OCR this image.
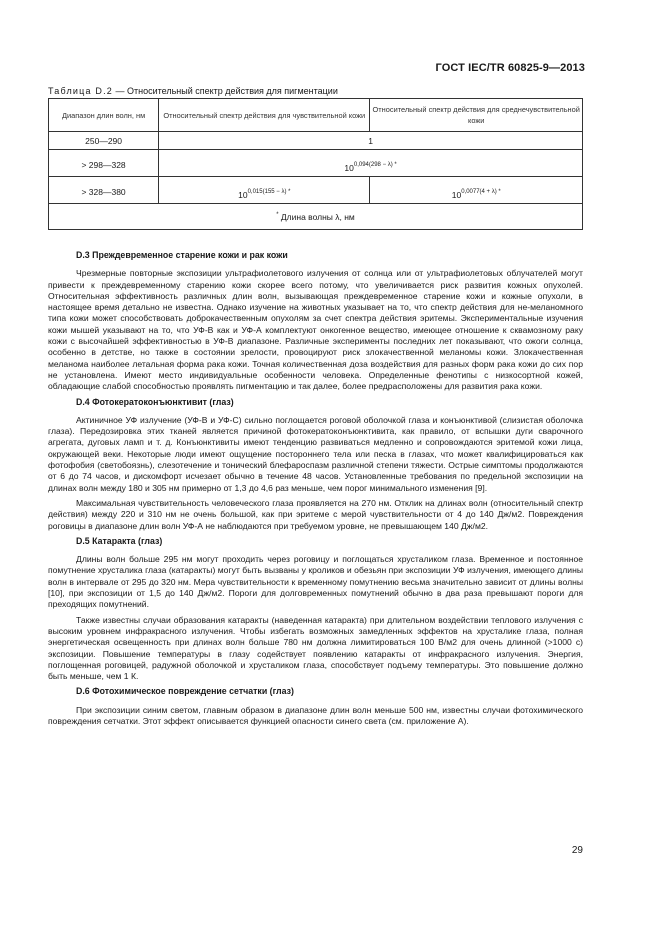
ГОСТ IEC/TR 60825-9—2013
Таблица D.2 — Относительный спектр действия для пигментации
Диапазон длин волн, нм	Относительный спектр действия для чувствительной кожи	Относительный спектр действия для среднечувствительной кожи
250—290	1	

> 298—328	$10^{0,094(298 - \lambda) *}$

> 328—380	$10^{0,015(155 - \lambda) *}$	$10^{0,0077(4 + \lambda) *}$
* Длина волны λ, нм		
D.3 Преждевременное старение кожи и рак кожи

Чрезмерные повторные экспозиции ультрафиолетового излучения от солнца или от ультрафиолетовых облучателей могут привести к преждевременному старению кожи скорее всего потому, что увеличивается риск развития кожных опухолей. Относительная эффективность различных длин волн, вызывающая преждевременное старение кожи и кожные опухоли, в настоящее время детально не известна. Однако изучение на животных указывает на то, что спектр действия для не-меланомного типа кожи может способствовать доброкачественным опухолям за счет спектра действия эритемы. Экспериментальные изучения кожи мышей указывают на то, что УФ-В как и УФ-А комплектуют онкогенное вещество, имеющее отношение к сквамозному раку кожи с высочайшей эффективностью в УФ-В диапазоне. Различные эксперименты последних лет показывают, что ожоги солнца, особенно в детстве, но также в состоянии зрелости, провоцируют риск злокачественной меланомы кожи. Злокачественная меланома наиболее летальная форма рака кожи. Точная количественная доза воздействия для разных форм рака кожи до сих пор не установлена. Имеют место индивидуальные особенности человека. Определенные фенотипы с низкосортной кожей, обладающие слабой способностью проявлять пигментацию и так далее, более предрасположены для развития рака кожи.

D.4 Фотокератоконъюнктивит (глаз)

Актиничное УФ излучение (УФ-В и УФ-С) сильно поглощается роговой оболочкой глаза и конъюнктивой (слизистая оболочка глаза). Передозировка этих тканей является причиной фотокератоконъюнктивита, как правило, от вспышки дуги сварочного агрегата, дуговых ламп и т. д. Конъюнктивиты имеют тенденцию развиваться медленно и сопровождаются эритемой кожи лица, окружающей веки. Некоторые люди имеют ощущение постороннего тела или песка в глазах, что может квалифицироваться как фотофобия (светобоязнь), слезотечение и тонический блефароспазм различной степени тяжести. Острые симптомы продолжаются от 6 до 74 часов, и дискомфорт исчезает обычно в течение 48 часов. Установленные требования по предельной экспозиции на длинах волн между 180 и 305 нм примерно от 1,3 до 4,6 раз меньше, чем порог минимального изменения [9].

Максимальная чувствительность человеческого глаза проявляется на 270 нм. Отклик на длинах волн (относительный спектр действия) между 220 и 310 нм не очень большой, как при эритеме с мерой чувствительности от 4 до 140 Дж/м2. Повреждения роговицы в диапазоне длин волн УФ-А не наблюдаются при требуемом уровне, не превышающем 140 Дж/м2.

D.5 Катаракта (глаз)

Длины волн больше 295 нм могут проходить через роговицу и поглощаться хрусталиком глаза. Временное и постоянное помутнение хрусталика глаза (катаракты) могут быть вызваны у кроликов и обезьян при экспозиции УФ излучения, имеющего длины волн в интервале от 295 до 320 нм. Мера чувствительности к временному помутнению весьма значительно зависит от длины волны [10], при экспозиции от 1,5 до 140 Дж/м2. Пороги для долговременных помутнений обычно в два раза превышают пороги для преходящих помутнений.

Также известны случаи образования катаракты (наведенная катаракта) при длительном воздействии теплового излучения с высоким уровнем инфракрасного излучения. Чтобы избегать возможных замедленных эффектов на хрусталике глаза, полная энергетическая освещенность при длинах волн больше 780 нм должна лимитироваться 100 В/м2 для очень длинной (>1000 с) экспозиции. Повышение температуры в глазу содействует появлению катаракты от инфракрасного излучения. Энергия, поглощенная роговицей, радужной оболочкой и хрусталиком глаза, способствует подъему температуры. Это повышение должно быть меньше, чем 1 К.

D.6 Фотохимическое повреждение сетчатки (глаз)

При экспозиции синим светом, главным образом в диапазоне длин волн меньше 500 нм, известны случаи фотохимического повреждения сетчатки. Этот эффект описывается функцией опасности синего света (см. приложение А).

29
